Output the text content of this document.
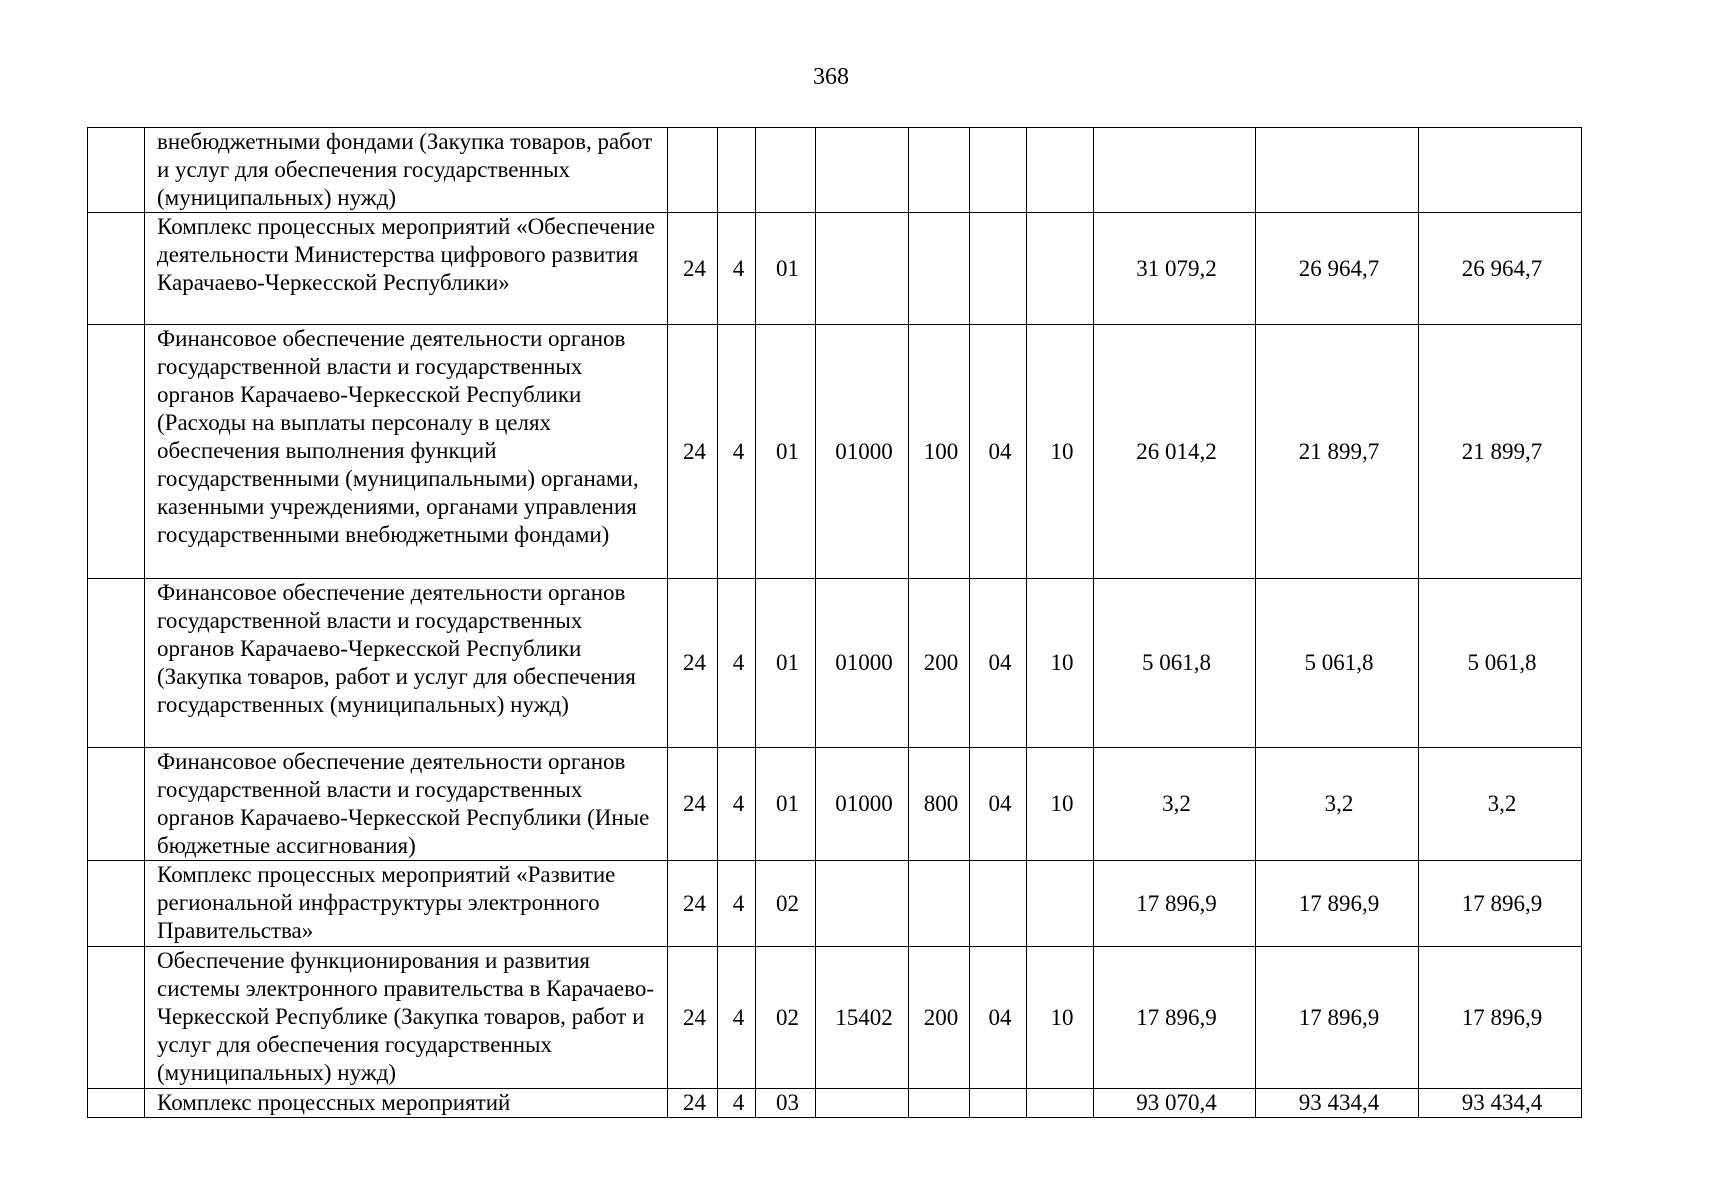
368
	внебюджетными фондами (Закупка товаров, работ и услуг для обеспечения государственных (муниципальных) нужд)										
	Комплекс процессных мероприятий «Обеспечение деятельности Министерства цифрового развития Карачаево-Черкесской Республики»	24	4	01					31 079,2	26 964,7	26 964,7
	Финансовое обеспечение деятельности органов государственной власти и государственных органов Карачаево-Черкесской Республики (Расходы на выплаты персоналу в целях обеспечения выполнения функций государственными (муниципальными) органами, казенными учреждениями, органами управления государственными внебюджетными фондами)	24	4	01	01000	100	04	10	26 014,2	21 899,7	21 899,7
	Финансовое обеспечение деятельности органов государственной власти и государственных органов Карачаево-Черкесской Республики (Закупка товаров, работ и услуг для обеспечения государственных (муниципальных) нужд)	24	4	01	01000	200	04	10	5 061,8	5 061,8	5 061,8
	Финансовое обеспечение деятельности органов государственной власти и государственных органов Карачаево-Черкесской Республики (Иные бюджетные ассигнования)	24	4	01	01000	800	04	10	3,2	3,2	3,2
	Комплекс процессных мероприятий «Развитие региональной инфраструктуры электронного Правительства»	24	4	02					17 896,9	17 896,9	17 896,9
	Обеспечение функционирования и развития системы электронного правительства в Карачаево-Черкесской Республике (Закупка товаров, работ и услуг для обеспечения государственных (муниципальных) нужд)	24	4	02	15402	200	04	10	17 896,9	17 896,9	17 896,9
	Комплекс процессных мероприятий	24	4	03					93 070,4	93 434,4	93 434,4
